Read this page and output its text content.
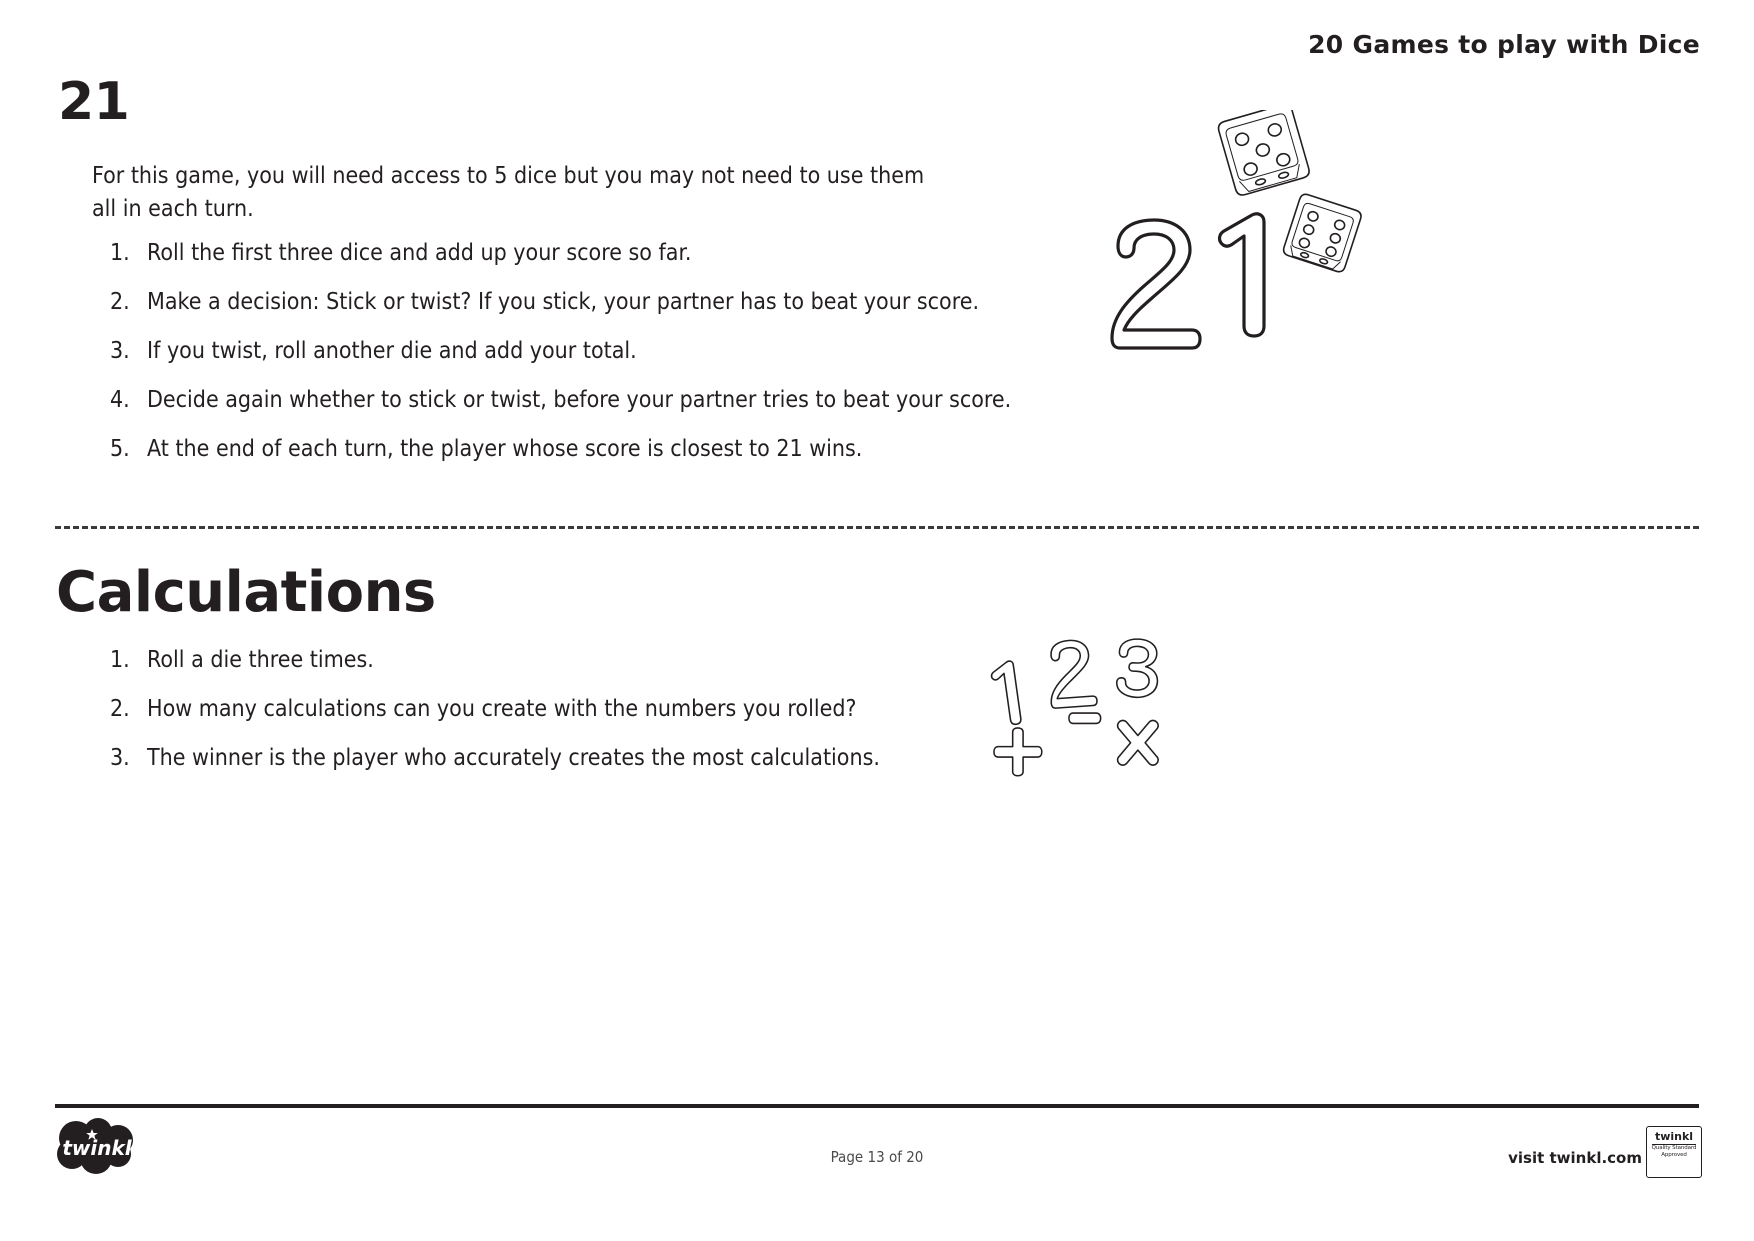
20 Games to play with Dice
21
For this game, you will need access to 5 dice but you may not need to use them all in each turn.
1. Roll the first three dice and add up your score so far.
2. Make a decision: Stick or twist? If you stick, your partner has to beat your score.
3. If you twist, roll another die and add your total.
4. Decide again whether to stick or twist, before your partner tries to beat your score.
5. At the end of each turn, the player whose score is closest to 21 wins.
Calculations
1. Roll a die three times.
2. How many calculations can you create with the numbers you rolled?
3. The winner is the player who accurately creates the most calculations.
twinkl	Page 13 of 20	visit twinkl.com
twinkl
Quality Standard
Approved
